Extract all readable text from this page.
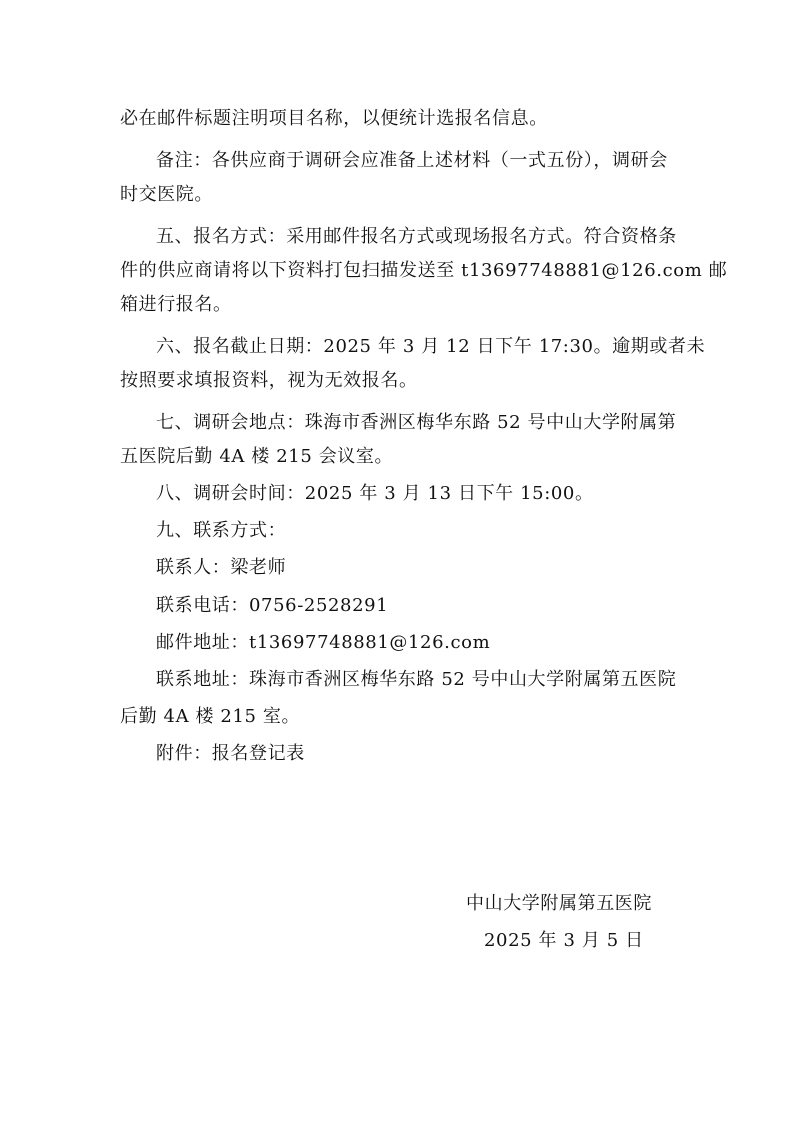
必在邮件标题注明项目名称，以便统计选报名信息。
备注：各供应商于调研会应准备上述材料（一式五份），调研会
时交医院。
五、报名方式：采用邮件报名方式或现场报名方式。符合资格条
件的供应商请将以下资料打包扫描发送至 t13697748881@126.com 邮
箱进行报名。
六、报名截止日期：2025 年 3 月 12 日下午 17:30。逾期或者未
按照要求填报资料，视为无效报名。
七、调研会地点：珠海市香洲区梅华东路 52 号中山大学附属第
五医院后勤 4A 楼 215 会议室。
八、调研会时间：2025 年 3 月 13 日下午 15:00。
九、联系方式：
联系人：梁老师
联系电话：0756-2528291
邮件地址：t13697748881@126.com
联系地址：珠海市香洲区梅华东路 52 号中山大学附属第五医院
后勤 4A 楼 215 室。
附件：报名登记表
中山大学附属第五医院
2025 年 3 月 5 日
